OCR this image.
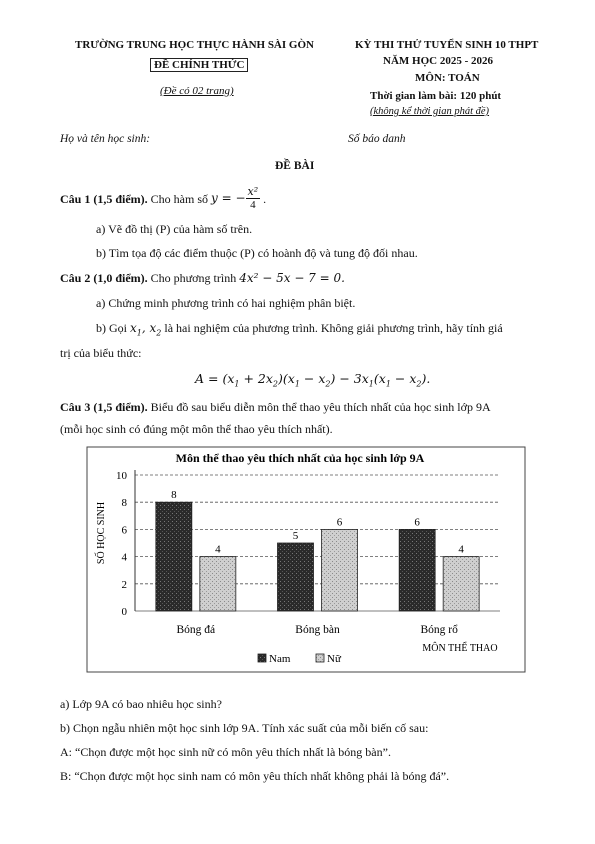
TRƯỜNG TRUNG HỌC THỰC HÀNH SÀI GÒN
ĐỀ CHÍNH THỨC
(Đề có 02 trang)
KỲ THI THỬ TUYỂN SINH 10 THPT
NĂM HỌC 2025 - 2026
MÔN: TOÁN
Thời gian làm bài: 120 phút
(không kể thời gian phát đề)
Họ và tên học sinh:	Số báo danh
ĐỀ BÀI
Câu 1 (1,5 điểm). Cho hàm số y = − $\frac{\text{x²}}{4}$ .
a) Vẽ đồ thị (P) của hàm số trên.
b) Tìm tọa độ các điểm thuộc (P) có hoành độ và tung độ đối nhau.
Câu 2 (1,0 điểm). Cho phương trình 4x² − 5x − 7 = 0.
a) Chứng minh phương trình có hai nghiệm phân biệt.
b) Gọi $x_1$, $x_2$ là hai nghiệm của phương trình. Không giải phương trình, hãy tính giá
trị của biểu thức:
$A = (x_1 + 2x_2)(x_1 - x_2) - 3x_1(x_1 - x_2)$.
Câu 3 (1,5 điểm). Biểu đồ sau biểu diễn môn thể thao yêu thích nhất của học sinh lớp 9A
(mỗi học sinh có đúng một môn thể thao yêu thích nhất).
Môn thể thao yêu thích nhất của học sinh lớp 9A
SỐ HỌC SINH
0
2
4
6
8
10
8
4
5
6	6
4
Bóng đá	Bóng bàn	Bóng rổ
MÔN THỂ THAO
Nam	Nữ
a) Lớp 9A có bao nhiêu học sinh?
b) Chọn ngẫu nhiên một học sinh lớp 9A. Tính xác suất của mỗi biến cố sau:
A: “Chọn được một học sinh nữ có môn yêu thích nhất là bóng bàn”.
B: “Chọn được một học sinh nam có môn yêu thích nhất không phải là bóng đá”.
